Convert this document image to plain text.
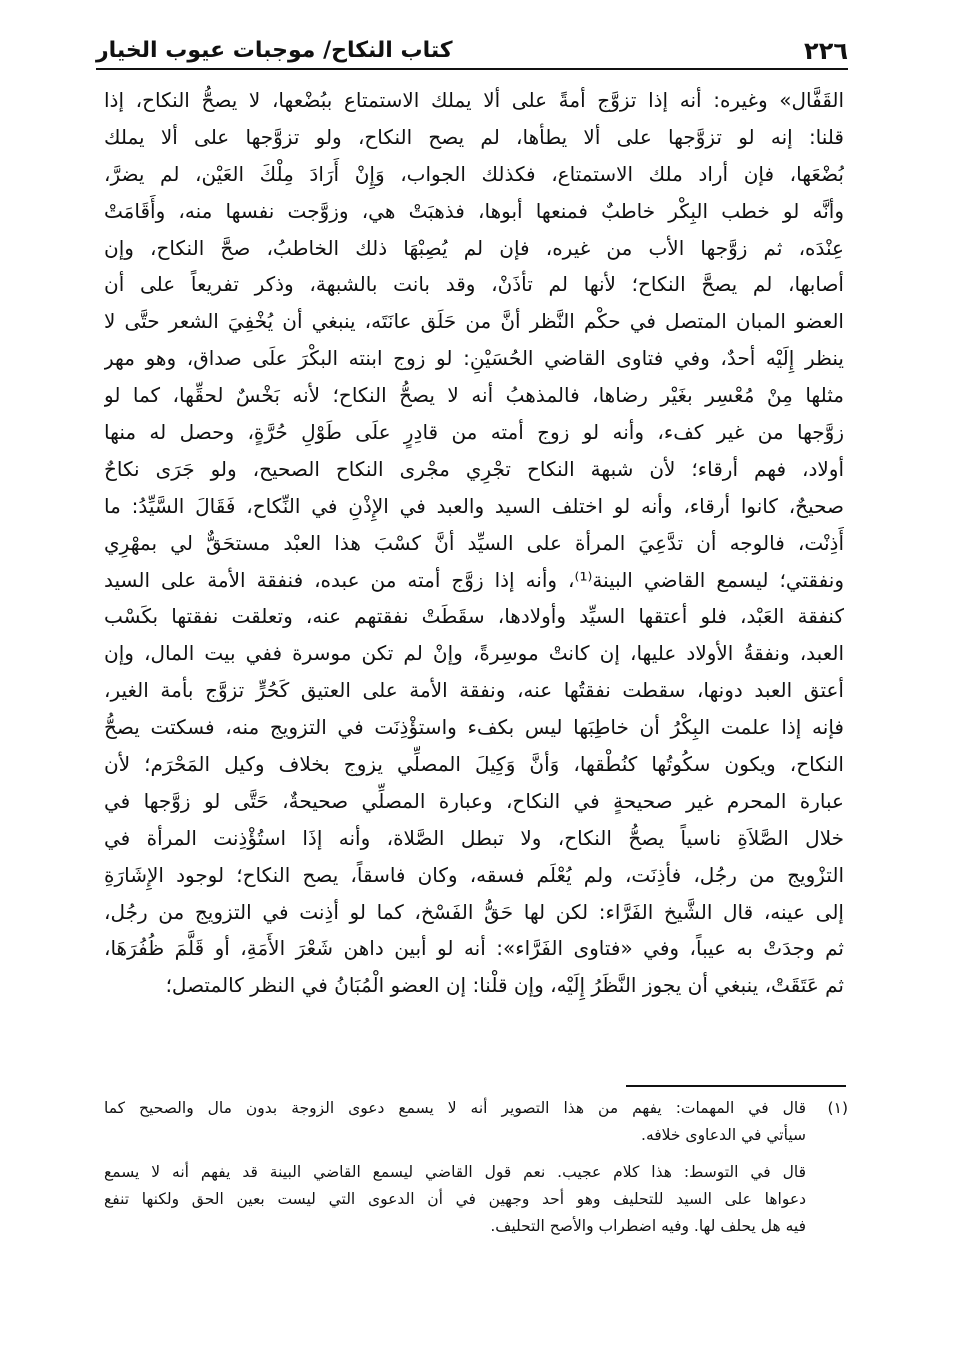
٢٢٦
كتاب النكاح/ موجبات عيوب الخيار
القَفَّال» وغيره: أنه إذا تزوَّج أمةً على ألا يملك الاستمتاع ببُضْعها، لا يصحُّ النكاح، إذا
قلنا: إنه لو تزوَّجها على ألا يطأها، لم يصح النكاح، ولو تزوَّجها على ألا يملك
بُضْعَها، فإن أراد ملك الاستمتاع، فكذلك الجواب، وَإِنْ أَرَادَ مِلْكَ العَيْن، لم يضرَّ،
وأنَّه لو خطب البِكْر خاطبٌ فمنعها أبوها، فذهبَتْ هي، وزوَّجت نفسها منه، وأَقَامَتْ
عِنْدَه، ثم زوَّجها الأب من غيره، فإن لم يُصِبْهَا ذلك الخاطبُ، صحَّ النكاح، وإن
أصابها، لم يصحَّ النكاح؛ لأنها لم تأذَنْ، وقد بانت بالشبهة، وذكر تفريعاً على أن
العضو المبان المتصل في حكْم النَّظر أنَّ من حَلَق عانَتَه، ينبغي أن يُخْفِيَ الشعر حتَّى لا
ينظر إِلَيْه أحدٌ، وفي فتاوى القاضي الحُسَيْنِ: لو زوج ابنته البكْرَ علَى صداق، وهو مهر
مثلها مِنْ مُعْسِر بغَيْر رضاها، فالمذهبُ أنه لا يصحُّ النكاح؛ لأنه بَخْسٌ لحقِّها، كما لو
زوَّجها من غير كفء، وأنه لو زوج أمته من قادِرٍ علَى طَوْلِ حُرَّةٍ، وحصل له منها
أولاد، فهم أرقاء؛ لأن شبهة النكاح تجْرِي مجْرى النكاح الصحيح، ولو جَرَى نكاحٌ
صحيحٌ، كانوا أرقاء، وأنه لو اختلف السيد والعبد في الإِذْنِ في النِّكاح، فَقَالَ السَّيِّدُ: ما
أَذِنْت، فالوجه أن تدَّعِيَ المرأة على السيِّد أنَّ كسْبَ هذا العبْد مستحَقٌّ لي بمهْرِي
ونفقتي؛ ليسمع القاضي البينة⁽¹⁾، وأنه إذا زوَّج أمته من عبده، فنفقة الأمة على السيد
كنفقة العَبْد، فلو أعتقها السيِّد وأولادها، سقَطَتْ نفقتهم عنه، وتعلقت نفقتها بكَسْب
العبد، ونفقةُ الأولاد عليها، إن كانتْ موسِرةً، وإنْ لم تكن موسرة ففي بيت المال، وإن
أعتق العبد دونها، سقطت نفقتُها عنه، ونفقة الأمة على العتيق كَحُرٍّ تزوَّج بأمة الغير،
فإنه إذا علمت البِكْرُ أن خاطِبَها ليس بكفء واستؤْذِنَت في التزويج منه، فسكتت يصحُّ
النكاح، ويكون سكُوتُها كنُطْقها، وَأنَّ وَكِيلَ المصلِّي يزوج بخلاف وكيل المَحْرَم؛ لأن
عبارة المحرم غير صحيحةٍ في النكاح، وعبارة المصلِّي صحيحةٌ، حَتَّى لو زوَّجها في
خلال الصَّلاَةِ ناسياً يصحُّ النكاح، ولا تبطل الصَّلاة، وأنه إذَا استُؤْذِنت المرأة في
التزْويج من رجُل، فأذِنَت، ولم يُعْلَم فسقه، وكان فاسقاً، يصح النكاح؛ لوجود الإِشَارَةِ
إلى عينه، قال الشَّيخ الفَرَّاء: لكن لها حَقُّ الفَسْخ، كما لو أذِنت في التزويج من رجُل،
ثم وجدَتْ به عيباً، وفي «فتاوى الفَرَّاء»: أنه لو أبين داهن شَعْرَ الأَمَةِ، أو قَلَّمَ ظُفُرَهَا،
ثم عَتَقَتْ، ينبغي أن يجوز النَّظَرُ إِلَيْه، وإن قلْنا: إن العضو الْمُبَانُ في النظر كالمتصل؛
(١)
قال في المهمات: يفهم من هذا التصوير أنه لا يسمع دعوى الزوجة بدون مال والصحيح كما
سيأتي في الدعاوى خلافه.
قال في التوسط: هذا كلام عجيب. نعم قول القاضي ليسمع القاضي البينة قد يفهم أنه لا يسمع
دعواها على السيد للتحليف وهو أحد وجهين في أن الدعوى التي ليست بعين الحق ولكنها تنفع
فيه هل يحلف لها. وفيه اضطراب والأصح التحليف.
